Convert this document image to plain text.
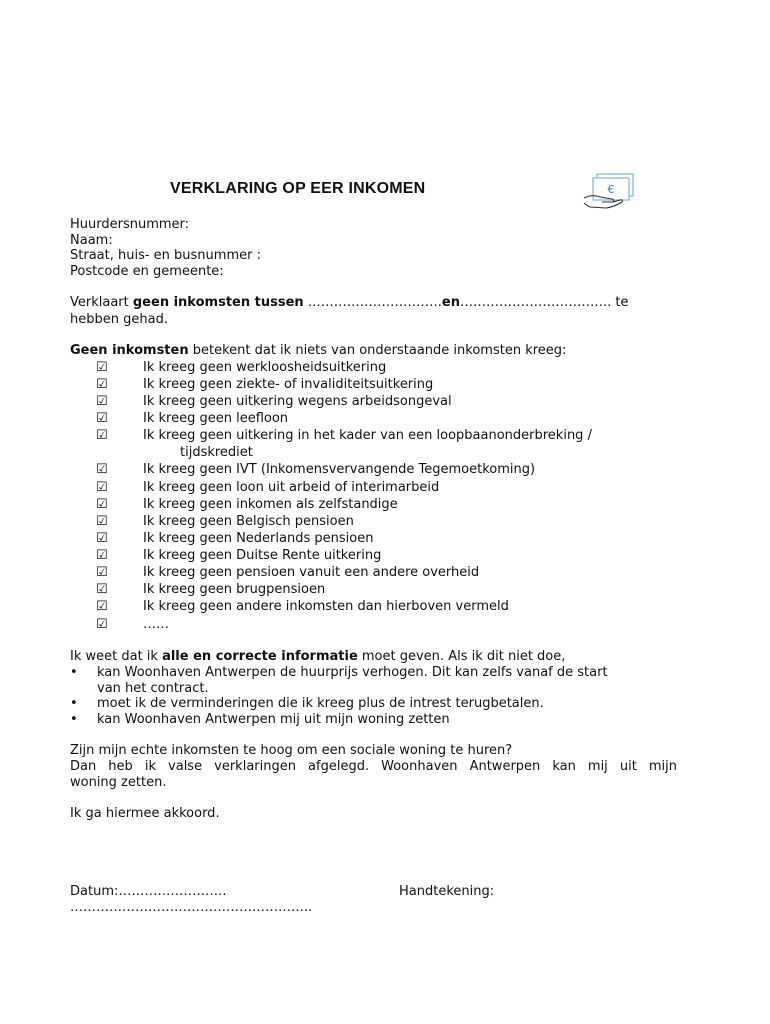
VERKLARING OP EER INKOMEN	€
Huurdersnummer:
Naam:
Straat, huis- en busnummer :
Postcode en gemeente:
Verklaart geen inkomsten tussen ………………………….en…………………………….. te
hebben gehad.
Geen inkomsten betekent dat ik niets van onderstaande inkomsten kreeg:
☑	Ik kreeg geen werkloosheidsuitkering
☑	Ik kreeg geen ziekte- of invaliditeitsuitkering
☑	Ik kreeg geen uitkering wegens arbeidsongeval
☑	Ik kreeg geen leefloon
☑	Ik kreeg geen uitkering in het kader van een loopbaanonderbreking /
tijdskrediet
☑	Ik kreeg geen IVT (Inkomensvervangende Tegemoetkoming)
☑	Ik kreeg geen loon uit arbeid of interimarbeid
☑	Ik kreeg geen inkomen als zelfstandige
☑	Ik kreeg geen Belgisch pensioen
☑	Ik kreeg geen Nederlands pensioen
☑	Ik kreeg geen Duitse Rente uitkering
☑	Ik kreeg geen pensioen vanuit een andere overheid
☑	Ik kreeg geen brugpensioen
☑	Ik kreeg geen andere inkomsten dan hierboven vermeld
☑	……
Ik weet dat ik alle en correcte informatie moet geven. Als ik dit niet doe,
• kan Woonhaven Antwerpen de huurprijs verhogen. Dit kan zelfs vanaf de start
van het contract.
• moet ik de verminderingen die ik kreeg plus de intrest terugbetalen.
• kan Woonhaven Antwerpen mij uit mijn woning zetten
Zijn mijn echte inkomsten te hoog om een sociale woning te huren?
Dan heb ik valse verklaringen afgelegd. Woonhaven Antwerpen kan mij uit mijn
woning zetten.
Ik ga hiermee akkoord.
Datum:…………………….	Handtekening:
………………………………………………..
